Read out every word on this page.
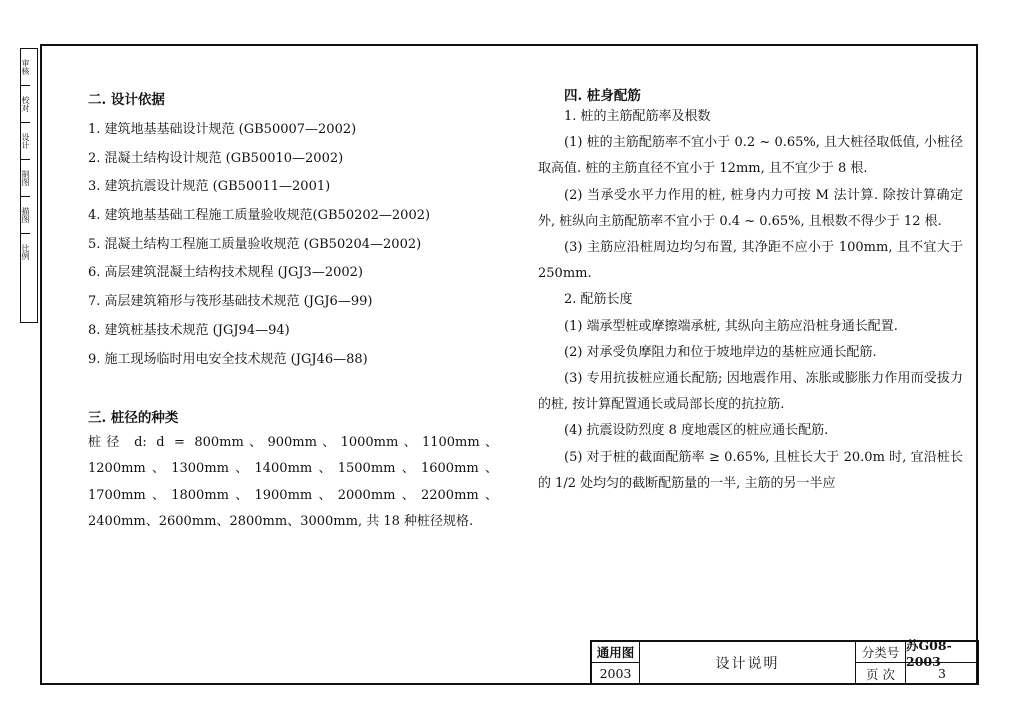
审核
校对
设计
制图
描图
比例
二. 设计依据
1. 建筑地基基础设计规范 (GB50007—2002)
2. 混凝土结构设计规范 (GB50010—2002)
3. 建筑抗震设计规范 (GB50011—2001)
4. 建筑地基基础工程施工质量验收规范(GB50202—2002)
5. 混凝土结构工程施工质量验收规范 (GB50204—2002)
6. 高层建筑混凝土结构技术规程 (JGJ3—2002)
7. 高层建筑箱形与筏形基础技术规范 (JGJ6—99)
8. 建筑桩基技术规范 (JGJ94—94)
9. 施工现场临时用电安全技术规范 (JGJ46—88)
三. 桩径的种类

桩径 d: d = 800mm、900mm、1000mm、1100mm、1200mm、1300mm、1400mm、1500mm、1600mm、1700mm、1800mm、1900mm、2000mm、2200mm、2400mm、2600mm、2800mm、3000mm, 共 18 种桩径规格.

四. 桩身配筋

1. 桩的主筋配筋率及根数

(1) 桩的主筋配筋率不宜小于 0.2 ~ 0.65%, 且大桩径取低值, 小桩径取高值. 桩的主筋直径不宜小于 12mm, 且不宜少于 8 根.

(2) 当承受水平力作用的桩, 桩身内力可按 M 法计算. 除按计算确定外, 桩纵向主筋配筋率不宜小于 0.4 ~ 0.65%, 且根数不得少于 12 根.

(3) 主筋应沿桩周边均匀布置, 其净距不应小于 100mm, 且不宜大于 250mm.

2. 配筋长度

(1) 端承型桩或摩擦端承桩, 其纵向主筋应沿桩身通长配置.

(2) 对承受负摩阻力和位于坡地岸边的基桩应通长配筋.

(3) 专用抗拔桩应通长配筋; 因地震作用、冻胀或膨胀力作用而受拔力的桩, 按计算配置通长或局部长度的抗拉筋.

(4) 抗震设防烈度 8 度地震区的桩应通长配筋.

(5) 对于桩的截面配筋率 ≥ 0.65%, 且桩长大于 20.0m 时, 宜沿桩长的 1/2 处均匀的截断配筋量的一半, 主筋的另一半应

通用图
2003
设计说明
分类号 苏G08-2003
页 次	3
